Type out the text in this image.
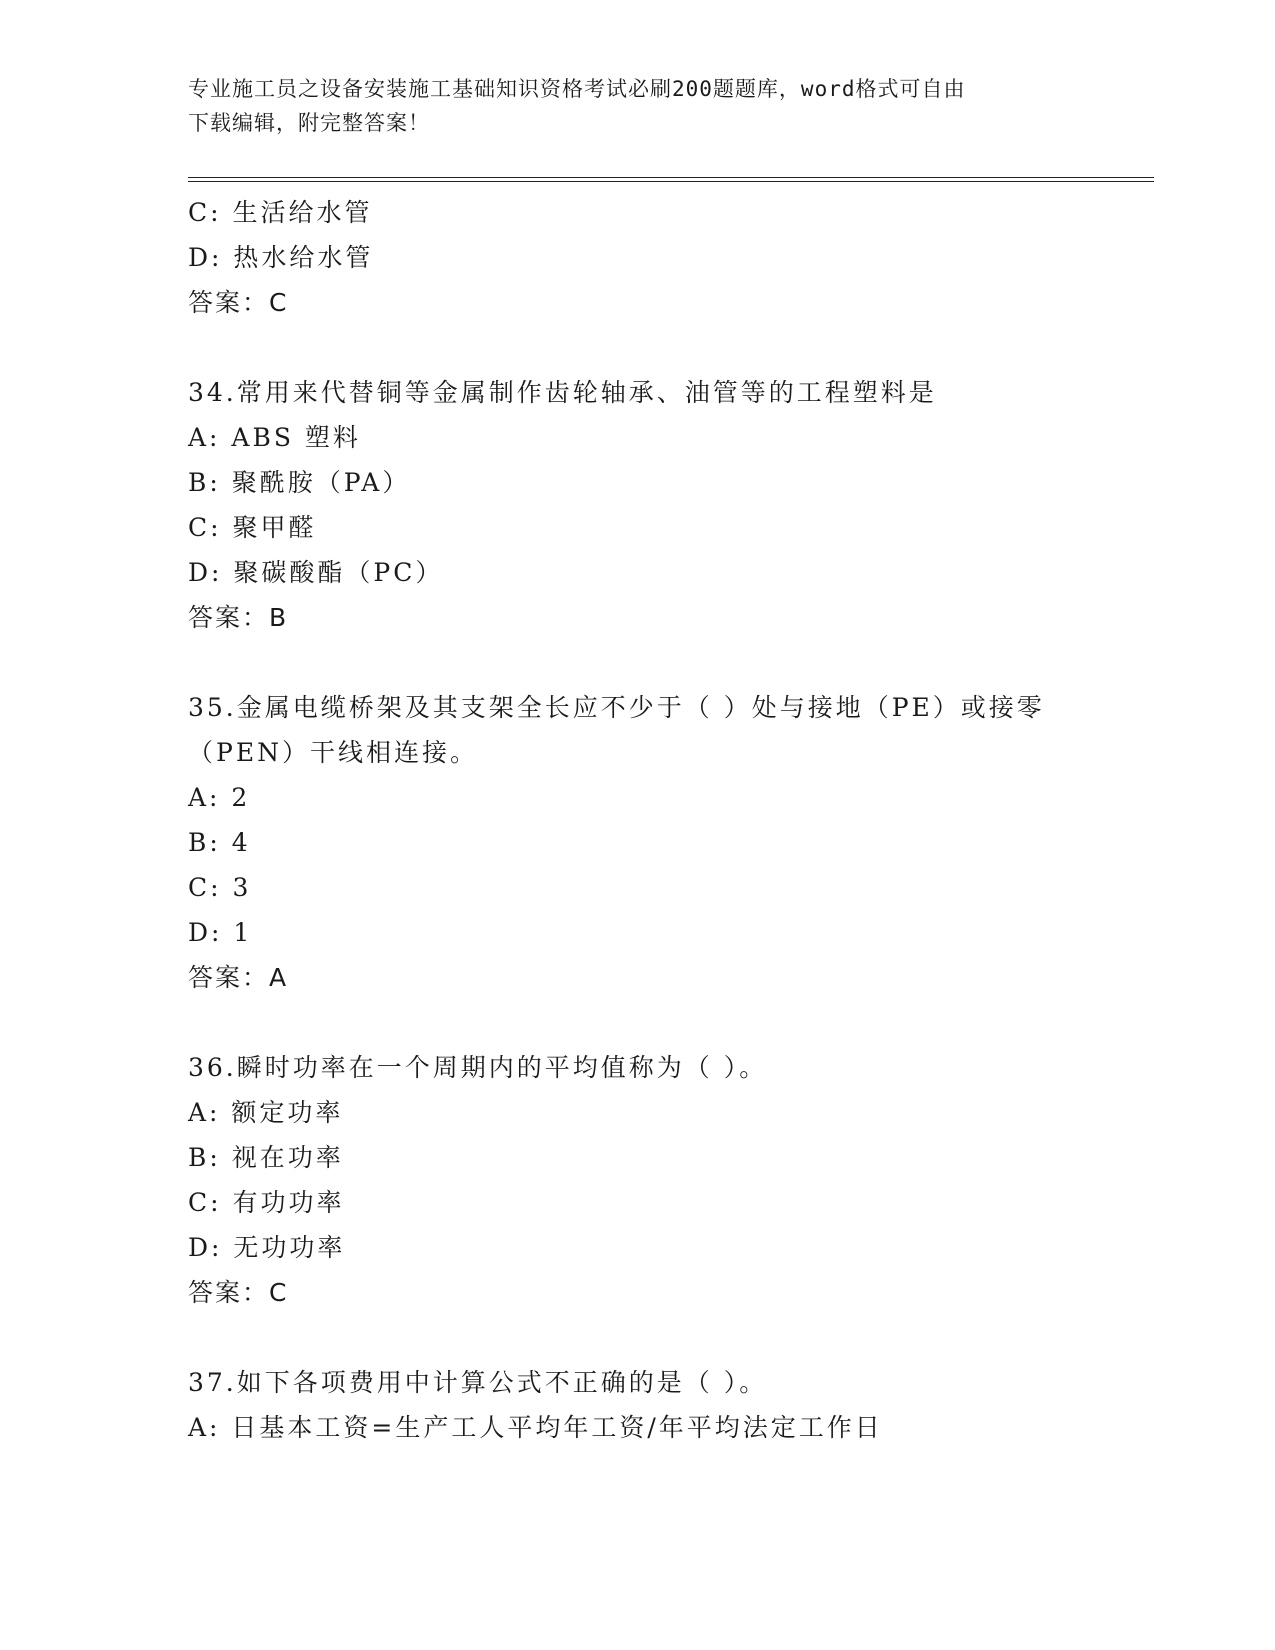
专业施工员之设备安装施工基础知识资格考试必刷200题题库，word格式可自由
下载编辑，附完整答案！
C: 生活给水管
D: 热水给水管
答案：C
34.常用来代替铜等金属制作齿轮轴承、油管等的工程塑料是
A: ABS 塑料
B: 聚酰胺（PA）
C: 聚甲醛
D: 聚碳酸酯（PC）
答案：B
35.金属电缆桥架及其支架全长应不少于（ ）处与接地（PE）或接零
（PEN）干线相连接。
A: 2
B: 4
C: 3
D: 1
答案：A
36.瞬时功率在一个周期内的平均值称为（ ）。
A: 额定功率
B: 视在功率
C: 有功功率
D: 无功功率
答案：C
37.如下各项费用中计算公式不正确的是（ ）。
A: 日基本工资=生产工人平均年工资/年平均法定工作日
